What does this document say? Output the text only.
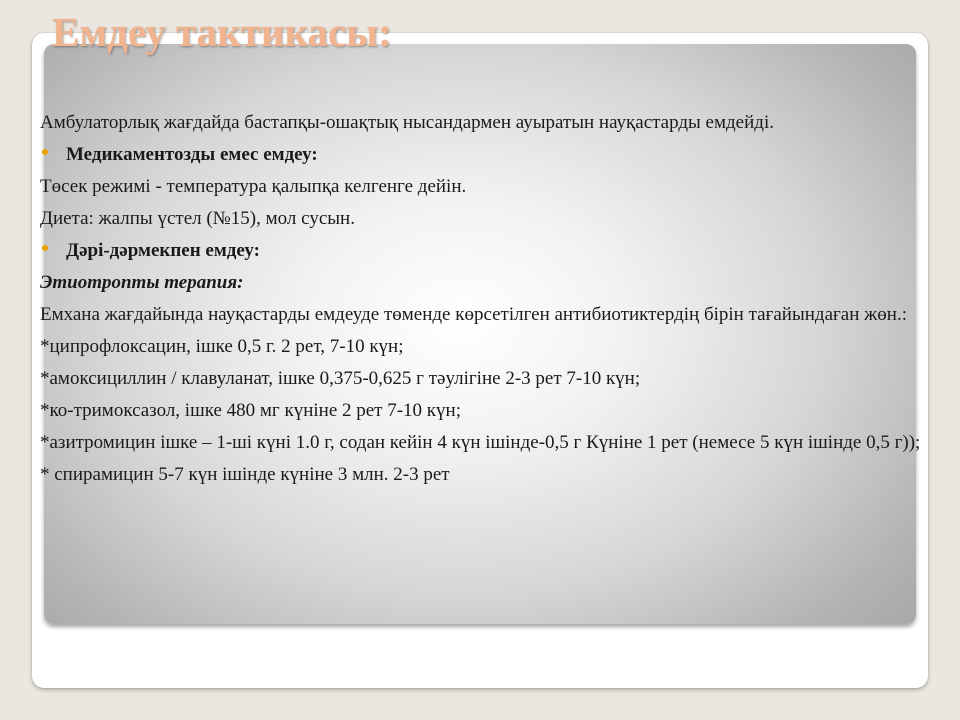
Емдеу тактикасы:

Амбулаторлық жағдайда бастапқы-ошақтық нысандармен ауыратын науқастарды емдейді.

Медикаментозды емес емдеу:

Төсек режимі - температура қалыпқа келгенге дейін.

Диета: жалпы үстел (№15), мол сусын.

Дәрі-дәрмекпен емдеу:

Этиотропты терапия:

Емхана жағдайында науқастарды емдеуде төменде көрсетілген антибиотиктердің бірін тағайындаған жөн.:

*ципрофлоксацин, ішке 0,5 г. 2 рет, 7-10 күн;

*амоксициллин / клавуланат, ішке 0,375-0,625 г тәулігіне 2-3 рет 7-10 күн;

*ко-тримоксазол, ішке 480 мг күніне 2 рет 7-10 күн;

*азитромицин ішке – 1-ші күні 1.0 г, содан кейін 4 күн ішінде-0,5 г Күніне 1 рет (немесе 5 күн ішінде 0,5 г));

* спирамицин 5-7 күн ішінде күніне 3 млн. 2-3 рет
